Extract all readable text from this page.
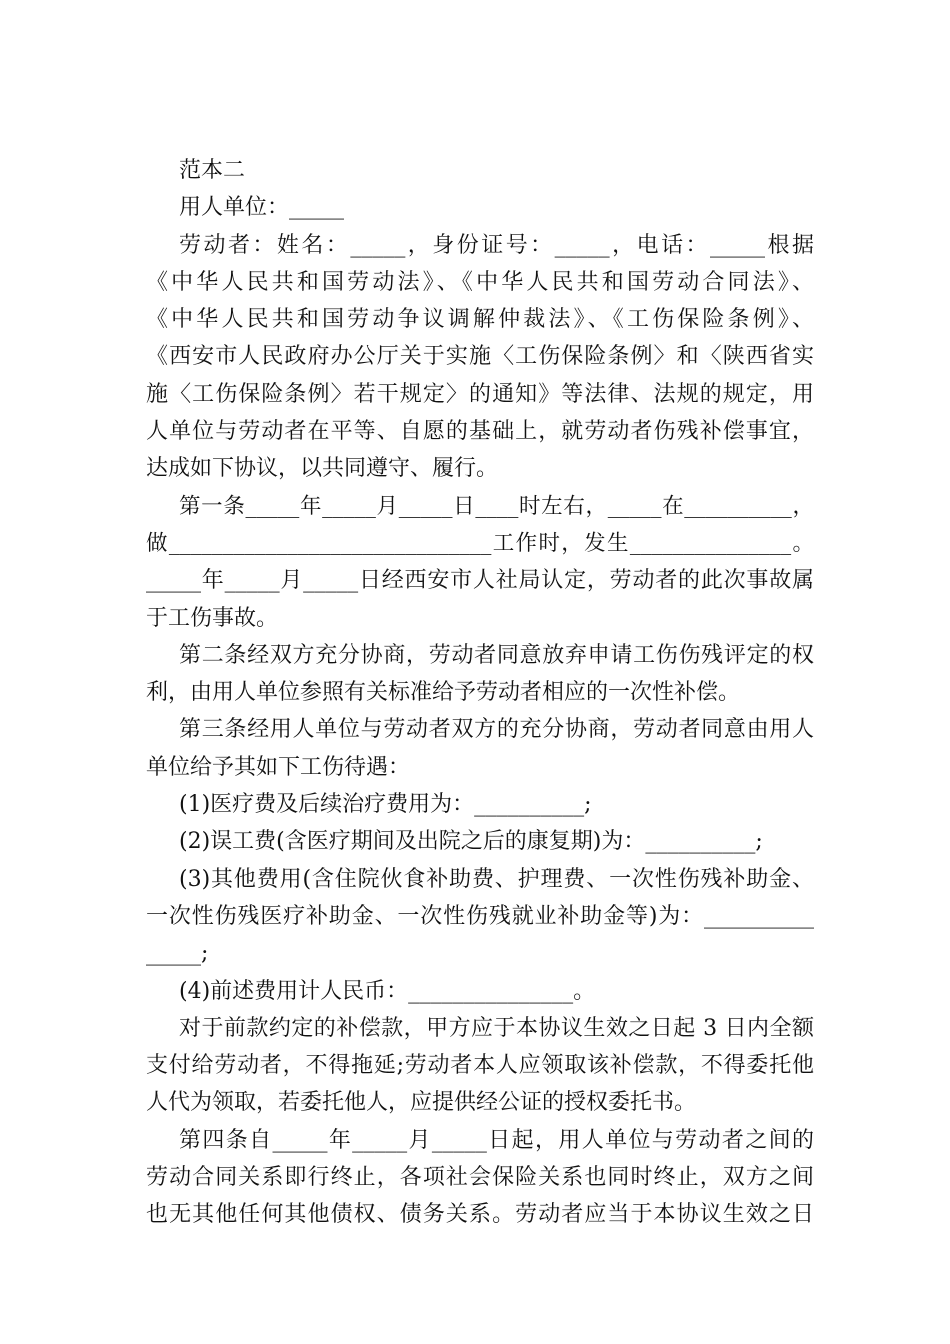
范本二
用人单位：_____
劳动者：姓名：_____，身份证号：_____，电话：_____根据
《中华人民共和国劳动法》、《中华人民共和国劳动合同法》、
《中华人民共和国劳动争议调解仲裁法》、《工伤保险条例》、
《西安市人民政府办公厅关于实施〈工伤保险条例〉和〈陕西省实
施〈工伤保险条例〉若干规定〉的通知》等法律、法规的规定，用
人单位与劳动者在平等、自愿的基础上，就劳动者伤残补偿事宜，
达成如下协议，以共同遵守、履行。
第一条_____年_____月_____日____时左右，_____在__________，
做______________________________工作时，发生_______________。
_____年_____月_____日经西安市人社局认定，劳动者的此次事故属
于工伤事故。
第二条经双方充分协商，劳动者同意放弃申请工伤伤残评定的权
利，由用人单位参照有关标准给予劳动者相应的一次性补偿。
第三条经用人单位与劳动者双方的充分协商，劳动者同意由用人
单位给予其如下工伤待遇：
(1)医疗费及后续治疗费用为：__________;
(2)误工费(含医疗期间及出院之后的康复期)为：__________;
(3)其他费用(含住院伙食补助费、护理费、一次性伤残补助金、
一次性伤残医疗补助金、一次性伤残就业补助金等)为：__________
_____;
(4)前述费用计人民币：_______________。
对于前款约定的补偿款，甲方应于本协议生效之日起 3 日内全额
支付给劳动者，不得拖延;劳动者本人应领取该补偿款，不得委托他
人代为领取，若委托他人，应提供经公证的授权委托书。
第四条自_____年_____月_____日起，用人单位与劳动者之间的
劳动合同关系即行终止，各项社会保险关系也同时终止，双方之间
也无其他任何其他债权、债务关系。劳动者应当于本协议生效之日
